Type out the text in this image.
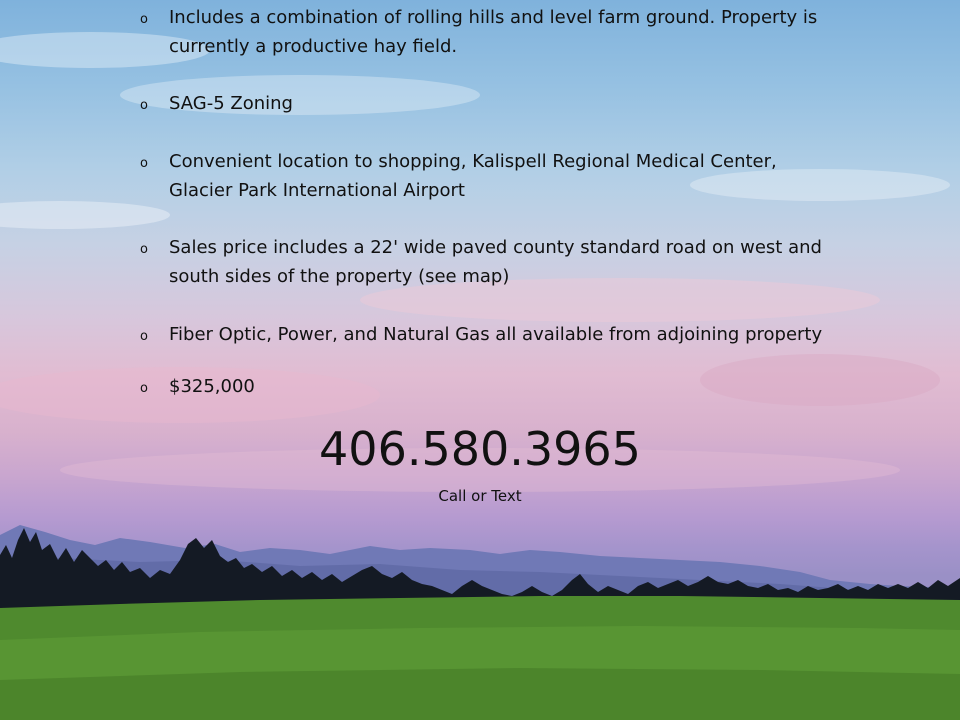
o Includes a combination of rolling hills and level farm ground. Property is currently a productive hay field.
o SAG-5 Zoning
o Convenient location to shopping, Kalispell Regional Medical Center, Glacier Park International Airport
o Sales price includes a 22' wide paved county standard road on west and south sides of the property (see map)
o Fiber Optic, Power, and Natural Gas all available from adjoining property
o $325,000
406.580.3965
Call or Text
